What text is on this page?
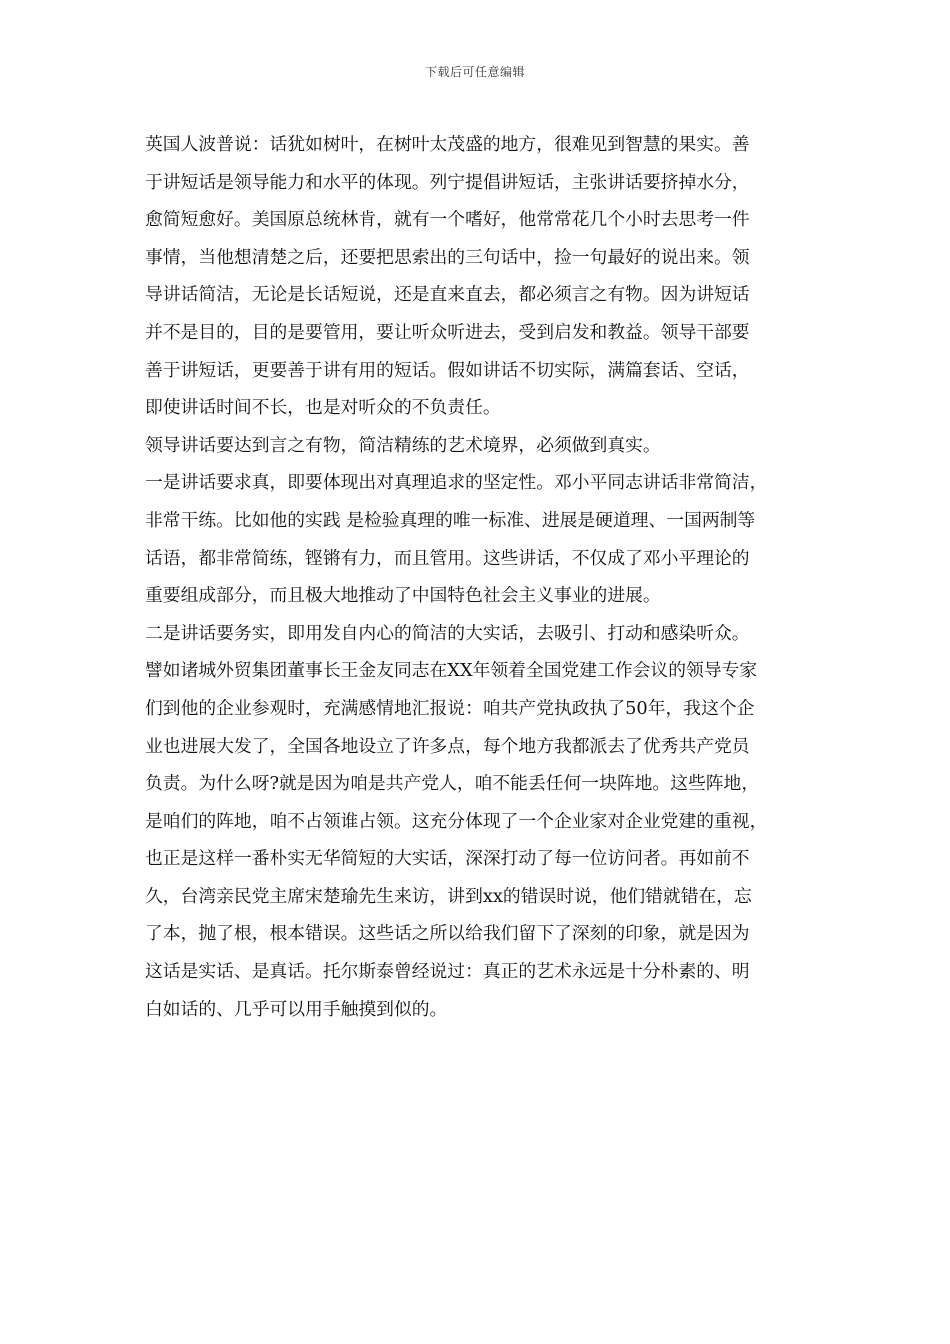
下载后可任意编辑
英国人波普说：话犹如树叶，在树叶太茂盛的地方，很难见到智慧的果实。善
于讲短话是领导能力和水平的体现。列宁提倡讲短话，主张讲话要挤掉水分，
愈简短愈好。美国原总统林肯，就有一个嗜好，他常常花几个小时去思考一件
事情，当他想清楚之后，还要把思索出的三句话中，捡一句最好的说出来。领
导讲话简洁，无论是长话短说，还是直来直去，都必须言之有物。因为讲短话
并不是目的，目的是要管用，要让听众听进去，受到启发和教益。领导干部要
善于讲短话，更要善于讲有用的短话。假如讲话不切实际，满篇套话、空话，
即使讲话时间不长，也是对听众的不负责任。
领导讲话要达到言之有物，简洁精练的艺术境界，必须做到真实。
一是讲话要求真，即要体现出对真理追求的坚定性。邓小平同志讲话非常简洁，
非常干练。比如他的实践 是检验真理的唯一标准、进展是硬道理、一国两制等
话语，都非常简练，铿锵有力，而且管用。这些讲话，不仅成了邓小平理论的
重要组成部分，而且极大地推动了中国特色社会主义事业的进展。
二是讲话要务实，即用发自内心的简洁的大实话，去吸引、打动和感染听众。
譬如诸城外贸集团董事长王金友同志在XX年领着全国党建工作会议的领导专家
们到他的企业参观时，充满感情地汇报说：咱共产党执政执了50年，我这个企
业也进展大发了，全国各地设立了许多点，每个地方我都派去了优秀共产党员
负责。为什么呀?就是因为咱是共产党人，咱不能丢任何一块阵地。这些阵地，
是咱们的阵地，咱不占领谁占领。这充分体现了一个企业家对企业党建的重视，
也正是这样一番朴实无华简短的大实话，深深打动了每一位访问者。再如前不
久，台湾亲民党主席宋楚瑜先生来访，讲到xx的错误时说，他们错就错在，忘
了本，抛了根，根本错误。这些话之所以给我们留下了深刻的印象，就是因为
这话是实话、是真话。托尔斯泰曾经说过：真正的艺术永远是十分朴素的、明
白如话的、几乎可以用手触摸到似的。
